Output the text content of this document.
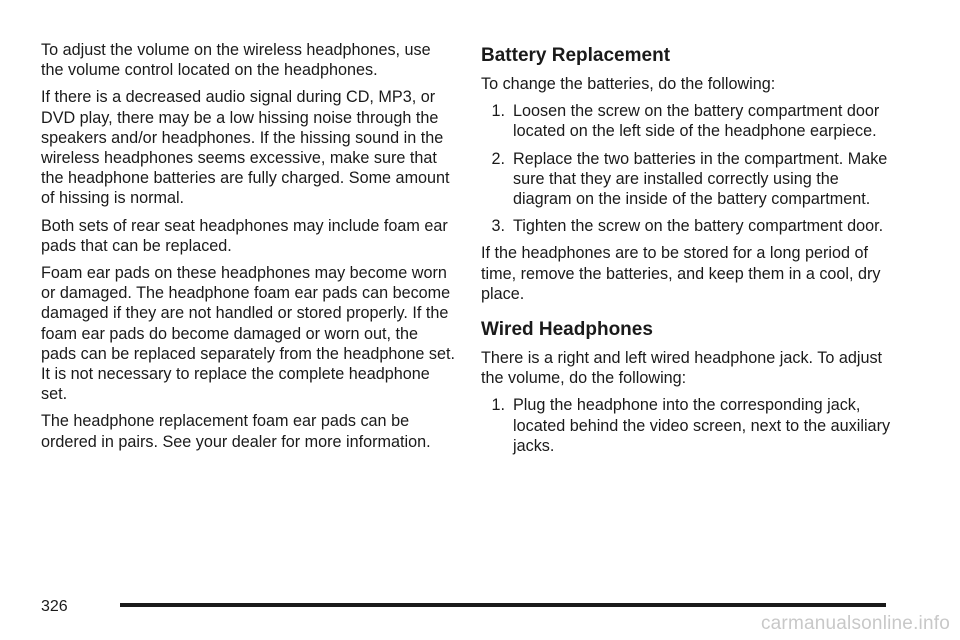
To adjust the volume on the wireless headphones, use the volume control located on the headphones.

If there is a decreased audio signal during CD, MP3, or DVD play, there may be a low hissing noise through the speakers and/or headphones. If the hissing sound in the wireless headphones seems excessive, make sure that the headphone batteries are fully charged. Some amount of hissing is normal.

Both sets of rear seat headphones may include foam ear pads that can be replaced.

Foam ear pads on these headphones may become worn or damaged. The headphone foam ear pads can become damaged if they are not handled or stored properly. If the foam ear pads do become damaged or worn out, the pads can be replaced separately from the headphone set.

It is not necessary to replace the complete headphone set.

The headphone replacement foam ear pads can be ordered in pairs. See your dealer for more information.

Battery Replacement

To change the batteries, do the following:

1. Loosen the screw on the battery compartment door located on the left side of the headphone earpiece.
2. Replace the two batteries in the compartment. Make sure that they are installed correctly using the diagram on the inside of the battery compartment.
3. Tighten the screw on the battery compartment door.

If the headphones are to be stored for a long period of time, remove the batteries, and keep them in a cool, dry place.

Wired Headphones

There is a right and left wired headphone jack. To adjust the volume, do the following:

1. Plug the headphone into the corresponding jack, located behind the video screen, next to the auxiliary jacks.
326
carmanualsonline.info
